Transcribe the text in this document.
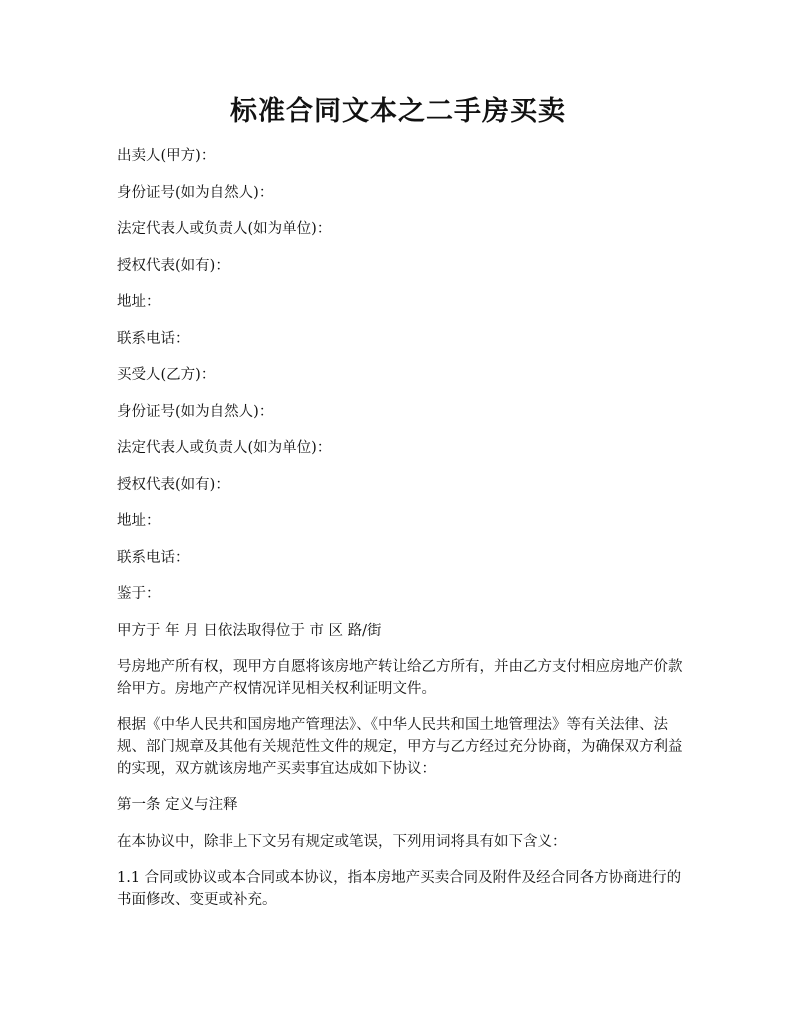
标准合同文本之二手房买卖

出卖人(甲方)：

身份证号(如为自然人)：

法定代表人或负责人(如为单位)：

授权代表(如有)：

地址：

联系电话：

买受人(乙方)：

身份证号(如为自然人)：

法定代表人或负责人(如为单位)：

授权代表(如有)：

地址：

联系电话：

鉴于：

甲方于 年 月 日依法取得位于 市 区 路/街

号房地产所有权，现甲方自愿将该房地产转让给乙方所有，并由乙方支付相应房地产价款给甲方。房地产产权情况详见相关权利证明文件。

根据《中华人民共和国房地产管理法》、《中华人民共和国土地管理法》等有关法律、法规、部门规章及其他有关规范性文件的规定，甲方与乙方经过充分协商，为确保双方利益的实现，双方就该房地产买卖事宜达成如下协议：

第一条 定义与注释

在本协议中，除非上下文另有规定或笔误，下列用词将具有如下含义：

1.1 合同或协议或本合同或本协议，指本房地产买卖合同及附件及经合同各方协商进行的书面修改、变更或补充。
